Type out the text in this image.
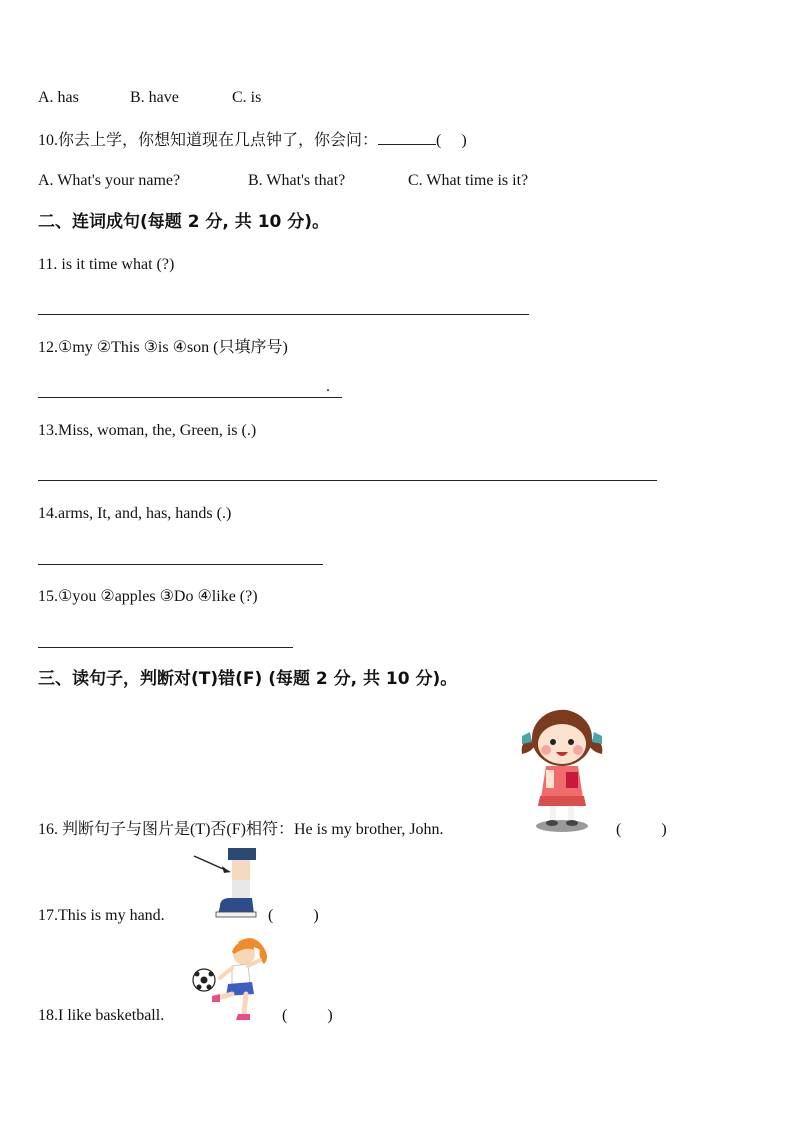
A. has	B. have	C. is
10.你去上学，你想知道现在几点钟了，你会问：	(     )
A. What's your name?	B. What's that?	C. What time is it?
二、连词成句(每题 2 分, 共 10 分)。
11. is it time what (?)
12.①my ②This ③is ④son (只填序号)
.
13.Miss, woman, the, Green, is (.)
14.arms, It, and, has, hands (.)
15.①you ②apples ③Do ④like (?)
三、读句子，判断对(T)错(F) (每题 2 分, 共 10 分)。
16. 判断句子与图片是(T)否(F)相符：He is my brother, John.	(          )
17.This is my hand.	(          )
18.I like basketball.	(          )
